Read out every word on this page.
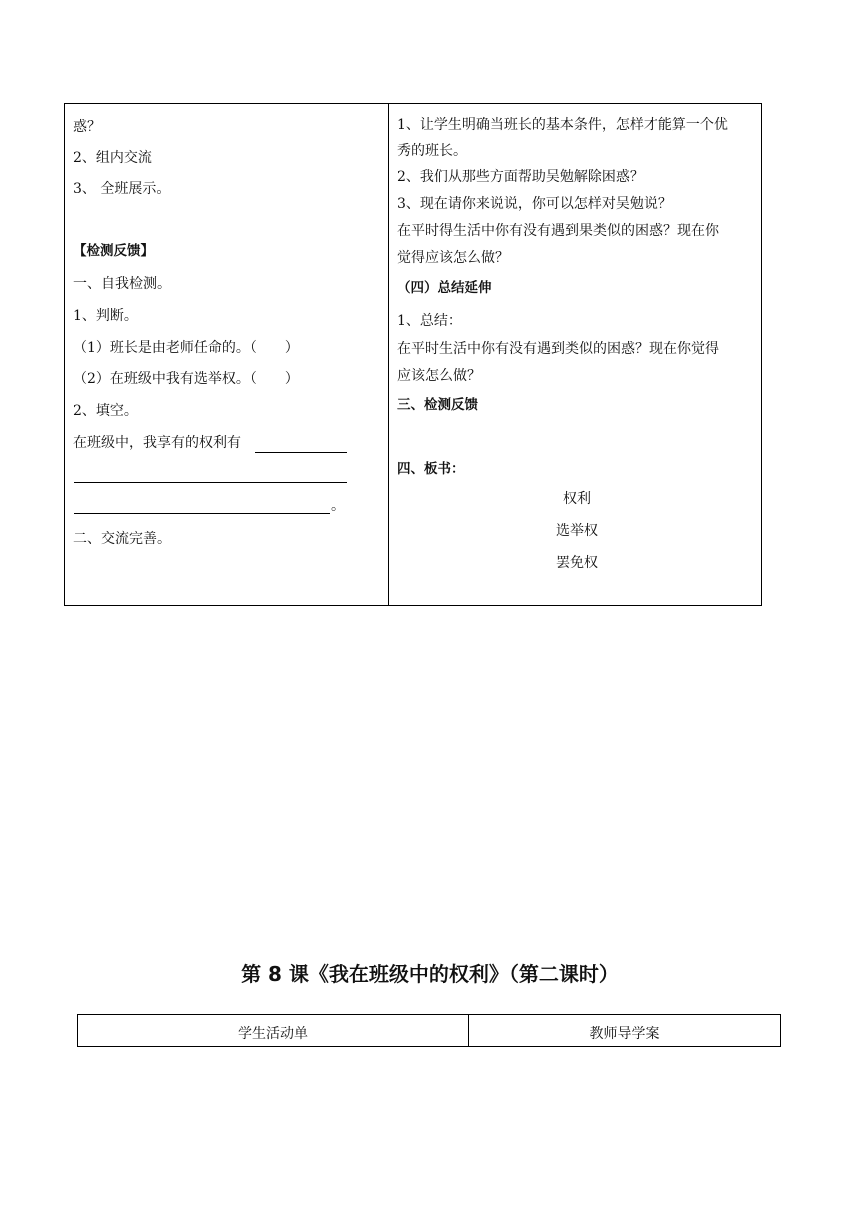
惑？
2、组内交流
3、 全班展示。
【检测反馈】
一、自我检测。
1、判断。
（1）班长是由老师任命的。（　　）
（2）在班级中我有选举权。（　　）
2、填空。
在班级中，我享有的权利有
。
二、交流完善。
1、让学生明确当班长的基本条件，怎样才能算一个优
秀的班长。
2、我们从那些方面帮助吴勉解除困惑？
3、现在请你来说说，你可以怎样对吴勉说？
在平时得生活中你有没有遇到果类似的困惑？现在你
觉得应该怎么做？
（四）总结延伸
1、总结：
在平时生活中你有没有遇到类似的困惑？现在你觉得
应该怎么做？
三、检测反馈
四、板书：
权利
选举权
罢免权
第 8 课《我在班级中的权利》（第二课时）
学生活动单	教师导学案
